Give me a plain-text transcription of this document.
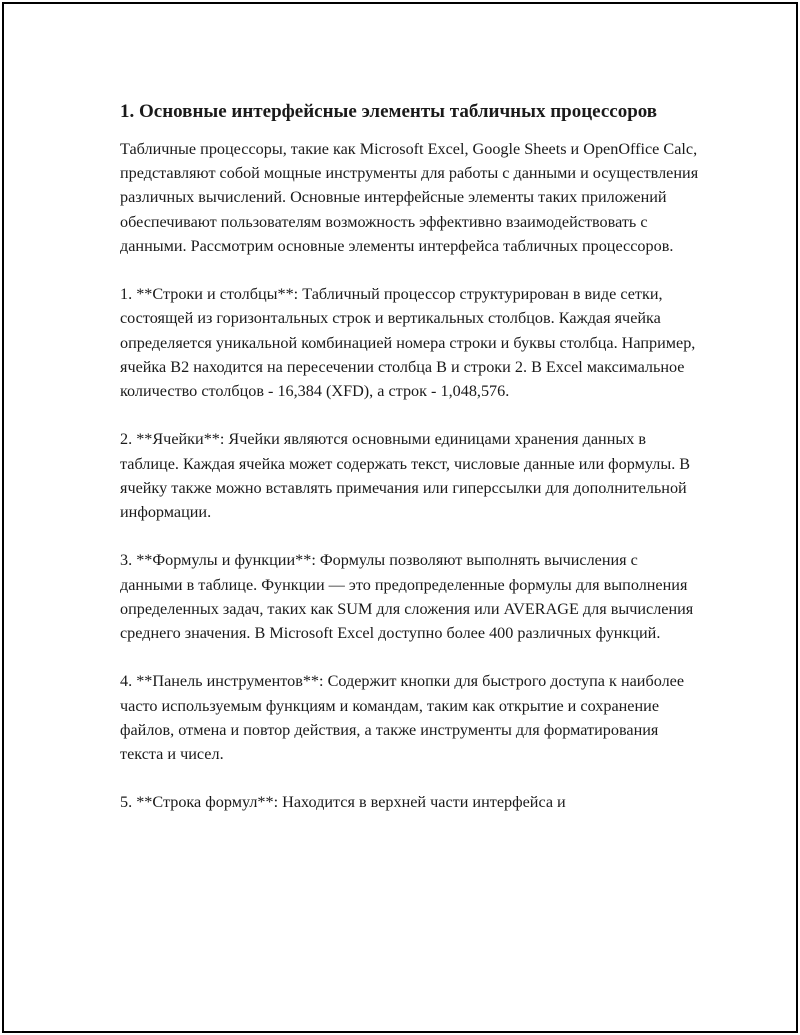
1. Основные интерфейсные элементы табличных процессоров

Табличные процессоры, такие как Microsoft Excel, Google Sheets и OpenOffice Calc, представляют собой мощные инструменты для работы с данными и осуществления различных вычислений. Основные интерфейсные элементы таких приложений обеспечивают пользователям возможность эффективно взаимодействовать с данными. Рассмотрим основные элементы интерфейса табличных процессоров.

1. **Строки и столбцы**: Табличный процессор структурирован в виде сетки, состоящей из горизонтальных строк и вертикальных столбцов. Каждая ячейка определяется уникальной комбинацией номера строки и буквы столбца. Например, ячейка B2 находится на пересечении столбца B и строки 2. В Excel максимальное количество столбцов - 16,384 (XFD), а строк - 1,048,576.

2. **Ячейки**: Ячейки являются основными единицами хранения данных в таблице. Каждая ячейка может содержать текст, числовые данные или формулы. В ячейку также можно вставлять примечания или гиперссылки для дополнительной информации.

3. **Формулы и функции**: Формулы позволяют выполнять вычисления с данными в таблице. Функции — это предопределенные формулы для выполнения определенных задач, таких как SUM для сложения или AVERAGE для вычисления среднего значения. В Microsoft Excel доступно более 400 различных функций.

4. **Панель инструментов**: Содержит кнопки для быстрого доступа к наиболее часто используемым функциям и командам, таким как открытие и сохранение файлов, отмена и повтор действия, а также инструменты для форматирования текста и чисел.

5. **Строка формул**: Находится в верхней части интерфейса и
